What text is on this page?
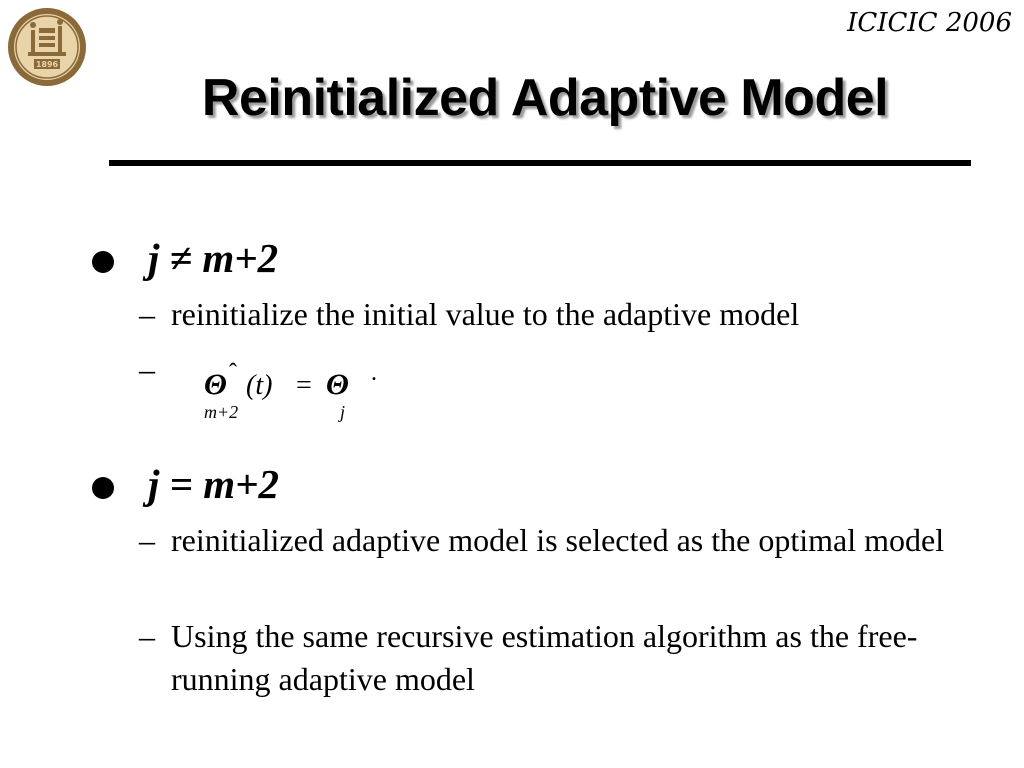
1896
ICICIC 2006
Reinitialized Adaptive Model
j ≠ m+2
– reinitialize the initial value to the adaptive model
–	ˆ
Θ
m+2
(t) = Θ
j
.
j = m+2
– reinitialized adaptive model is selected as the optimal model
– Using the same recursive estimation algorithm as the free-running adaptive model
